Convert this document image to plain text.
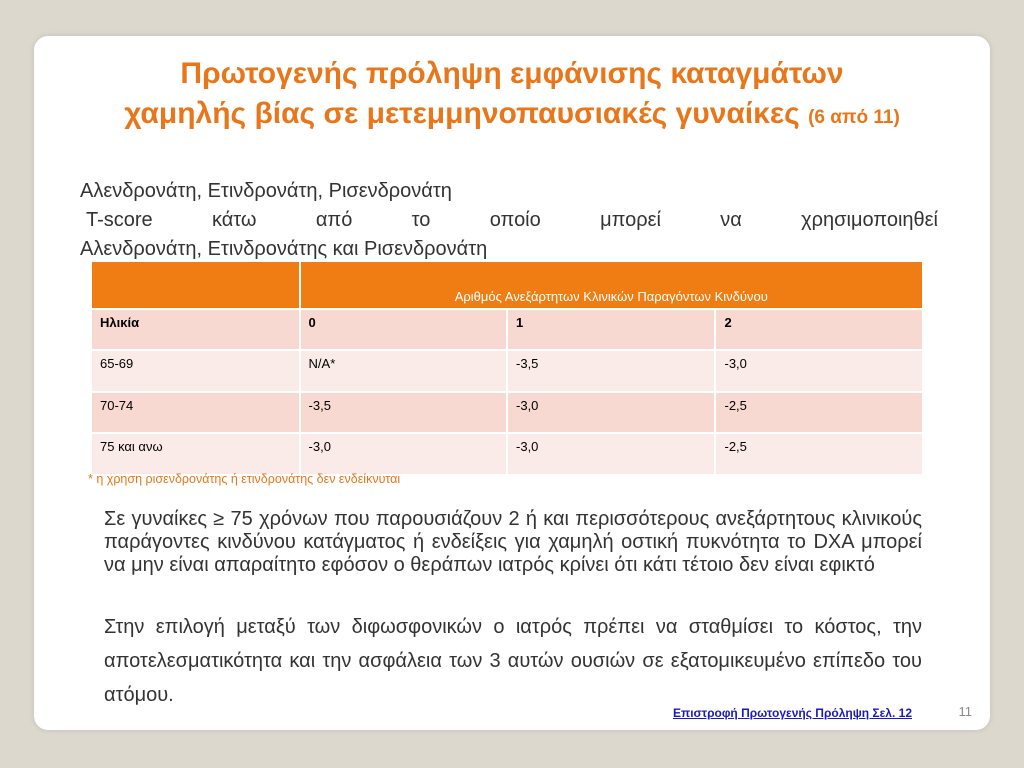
Πρωτογενής πρόληψη εμφάνισης καταγμάτων
χαμηλής βίας σε μετεμμηνοπαυσιακές γυναίκες (6 από 11)
Αλενδρονάτη, Ετινδρονάτη, Ρισενδρονάτη
T-score κάτω από το οποίο μπορεί να χρησιμοποιηθεί
Αλενδρονάτη, Ετινδρονάτης και Ρισενδρονάτη
	Αριθμός Ανεξάρτητων Κλινικών Παραγόντων Κινδύνου		
Ηλικία	0	1	2
65-69	N/A*	-3,5	-3,0
70-74	-3,5	-3,0	-2,5
75 και ανω	-3,0	-3,0	-2,5
* η χρηση ρισενδρονάτης ή ετινδρονάτης δεν ενδείκνυται
Σε γυναίκες ≥ 75 χρόνων που παρουσιάζουν 2 ή και περισσότερους ανεξάρτητους κλινικούς παράγοντες κινδύνου κατάγματος ή ενδείξεις για χαμηλή οστική πυκνότητα το DXA μπορεί να μην είναι απαραίτητο εφόσον ο θεράπων ιατρός κρίνει ότι κάτι τέτοιο δεν είναι εφικτό
Στην επιλογή μεταξύ των διφωσφονικών ο ιατρός πρέπει να σταθμίσει το κόστος, την αποτελεσματικότητα και την ασφάλεια των 3 αυτών ουσιών σε εξατομικευμένο επίπεδο του ατόμου.
Επιστροφή Πρωτογενής Πρόληψη Σελ. 12	11
